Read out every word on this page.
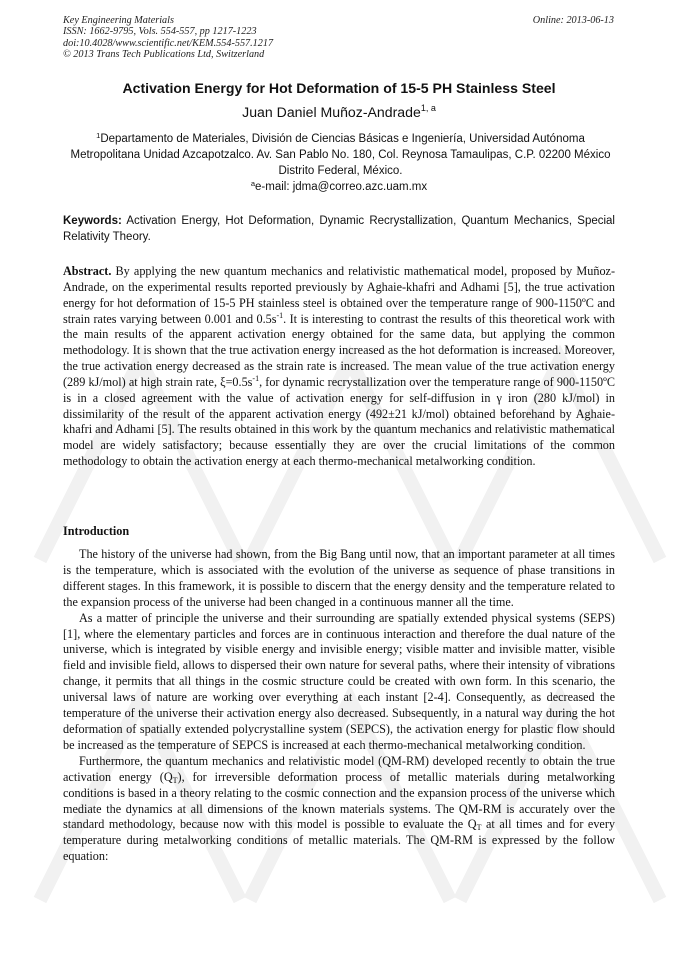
Key Engineering Materials
ISSN: 1662-9795, Vols. 554-557, pp 1217-1223
doi:10.4028/www.scientific.net/KEM.554-557.1217
© 2013 Trans Tech Publications Ltd, Switzerland
Online: 2013-06-13
Activation Energy for Hot Deformation of 15-5 PH Stainless Steel
Juan Daniel Muñoz-Andrade$^{1, a}$
$^1$Departamento de Materiales, División de Ciencias Básicas e Ingeniería, Universidad Autónoma Metropolitana Unidad Azcapotzalco. Av. San Pablo No. 180, Col. Reynosa Tamaulipas, C.P. 02200 México Distrito Federal, México.
$^a$e-mail: jdma@correo.azc.uam.mx
Keywords: Activation Energy, Hot Deformation, Dynamic Recrystallization, Quantum Mechanics, Special Relativity Theory.
Abstract. By applying the new quantum mechanics and relativistic mathematical model, proposed by Muñoz-Andrade, on the experimental results reported previously by Aghaie-khafri and Adhami [5], the true activation energy for hot deformation of 15-5 PH stainless steel is obtained over the temperature range of 900-1150ºC and strain rates varying between 0.001 and $0.5s^{-1}$. It is interesting to contrast the results of this theoretical work with the main results of the apparent activation energy obtained for the same data, but applying the common methodology. It is shown that the true activation energy increased as the hot deformation is increased. Moreover, the true activation energy decreased as the strain rate is increased. The mean value of the true activation energy (289 kJ/mol) at high strain rate, $\xi=0.5s^{-1}$, for dynamic recrystallization over the temperature range of 900-1150ºC is in a closed agreement with the value of activation energy for self-diffusion in γ iron (280 kJ/mol) in dissimilarity of the result of the apparent activation energy (492±21 kJ/mol) obtained beforehand by Aghaie-khafri and Adhami [5]. The results obtained in this work by the quantum mechanics and relativistic mathematical model are widely satisfactory; because essentially they are over the crucial limitations of the common methodology to obtain the activation energy at each thermo-mechanical metalworking condition.
Introduction

The history of the universe had shown, from the Big Bang until now, that an important parameter at all times is the temperature, which is associated with the evolution of the universe as sequence of phase transitions in different stages. In this framework, it is possible to discern that the energy density and the temperature related to the expansion process of the universe had been changed in a continuous manner all the time.

As a matter of principle the universe and their surrounding are spatially extended physical systems (SEPS) [1], where the elementary particles and forces are in continuous interaction and therefore the dual nature of the universe, which is integrated by visible energy and invisible energy; visible matter and invisible matter, visible field and invisible field, allows to dispersed their own nature for several paths, where their intensity of vibrations change, it permits that all things in the cosmic structure could be created with own form. In this scenario, the universal laws of nature are working over everything at each instant [2-4]. Consequently, as decreased the temperature of the universe their activation energy also decreased. Subsequently, in a natural way during the hot deformation of spatially extended polycrystalline system (SEPCS), the activation energy for plastic flow should be increased as the temperature of SEPCS is increased at each thermo-mechanical metalworking condition.

Furthermore, the quantum mechanics and relativistic model (QM-RM) developed recently to obtain the true activation energy $(Q_T)$, for irreversible deformation process of metallic materials during metalworking conditions is based in a theory relating to the cosmic connection and the expansion process of the universe which mediate the dynamics at all dimensions of the known materials systems. The QM-RM is accurately over the standard methodology, because now with this model is possible to evaluate the $Q_T$ at all times and for every temperature during metalworking conditions of metallic materials. The QM-RM is expressed by the follow equation:
